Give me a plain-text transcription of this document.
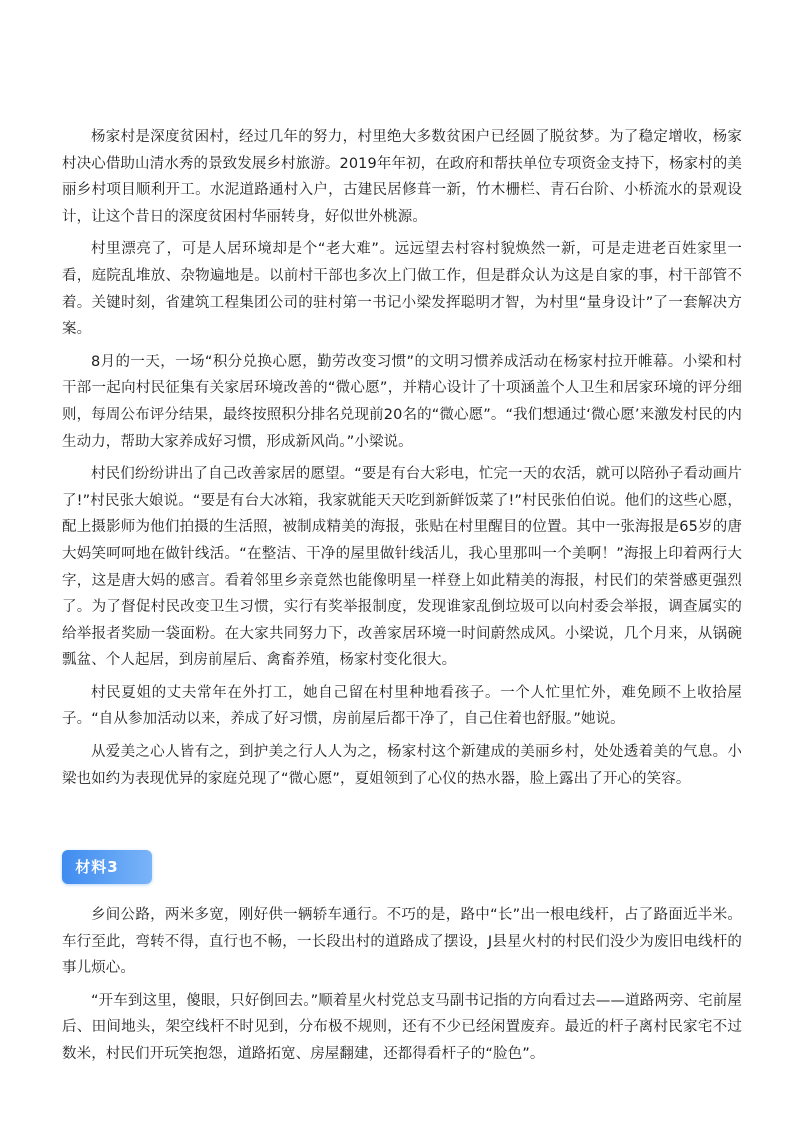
杨家村是深度贫困村，经过几年的努力，村里绝大多数贫困户已经圆了脱贫梦。为了稳定增收，杨家村决心借助山清水秀的景致发展乡村旅游。2019年年初，在政府和帮扶单位专项资金支持下，杨家村的美丽乡村项目顺利开工。水泥道路通村入户，古建民居修葺一新，竹木栅栏、青石台阶、小桥流水的景观设计，让这个昔日的深度贫困村华丽转身，好似世外桃源。

村里漂亮了，可是人居环境却是个“老大难”。远远望去村容村貌焕然一新，可是走进老百姓家里一看，庭院乱堆放、杂物遍地是。以前村干部也多次上门做工作，但是群众认为这是自家的事，村干部管不着。关键时刻，省建筑工程集团公司的驻村第一书记小梁发挥聪明才智，为村里“量身设计”了一套解决方案。

8月的一天，一场“积分兑换心愿，勤劳改变习惯”的文明习惯养成活动在杨家村拉开帷幕。小梁和村干部一起向村民征集有关家居环境改善的“微心愿”，并精心设计了十项涵盖个人卫生和居家环境的评分细则，每周公布评分结果，最终按照积分排名兑现前20名的“微心愿”。“我们想通过‘微心愿’来激发村民的内生动力，帮助大家养成好习惯，形成新风尚。”小梁说。

村民们纷纷讲出了自己改善家居的愿望。“要是有台大彩电，忙完一天的农活，就可以陪孙子看动画片了!”村民张大娘说。“要是有台大冰箱，我家就能天天吃到新鲜饭菜了!”村民张伯伯说。他们的这些心愿，配上摄影师为他们拍摄的生活照，被制成精美的海报，张贴在村里醒目的位置。其中一张海报是65岁的唐大妈笑呵呵地在做针线活。“在整洁、干净的屋里做针线活儿，我心里那叫一个美啊！”海报上印着两行大字，这是唐大妈的感言。看着邻里乡亲竟然也能像明星一样登上如此精美的海报，村民们的荣誉感更强烈了。为了督促村民改变卫生习惯，实行有奖举报制度，发现谁家乱倒垃圾可以向村委会举报，调查属实的给举报者奖励一袋面粉。在大家共同努力下，改善家居环境一时间蔚然成风。小梁说，几个月来，从锅碗瓢盆、个人起居，到房前屋后、禽畜养殖，杨家村变化很大。

村民夏姐的丈夫常年在外打工，她自己留在村里种地看孩子。一个人忙里忙外，难免顾不上收拾屋子。“自从参加活动以来，养成了好习惯，房前屋后都干净了，自己住着也舒服。”她说。

从爱美之心人皆有之，到护美之行人人为之，杨家村这个新建成的美丽乡村，处处透着美的气息。小梁也如约为表现优异的家庭兑现了“微心愿”，夏姐领到了心仪的热水器，脸上露出了开心的笑容。

材料3

乡间公路，两米多宽，刚好供一辆轿车通行。不巧的是，路中“长”出一根电线杆，占了路面近半米。车行至此，弯转不得，直行也不畅，一长段出村的道路成了摆设，J县星火村的村民们没少为废旧电线杆的事儿烦心。

“开车到这里，傻眼，只好倒回去。”顺着星火村党总支马副书记指的方向看过去——道路两旁、宅前屋后、田间地头，架空线杆不时见到，分布极不规则，还有不少已经闲置废弃。最近的杆子离村民家宅不过数米，村民们开玩笑抱怨，道路拓宽、房屋翻建，还都得看杆子的“脸色”。
